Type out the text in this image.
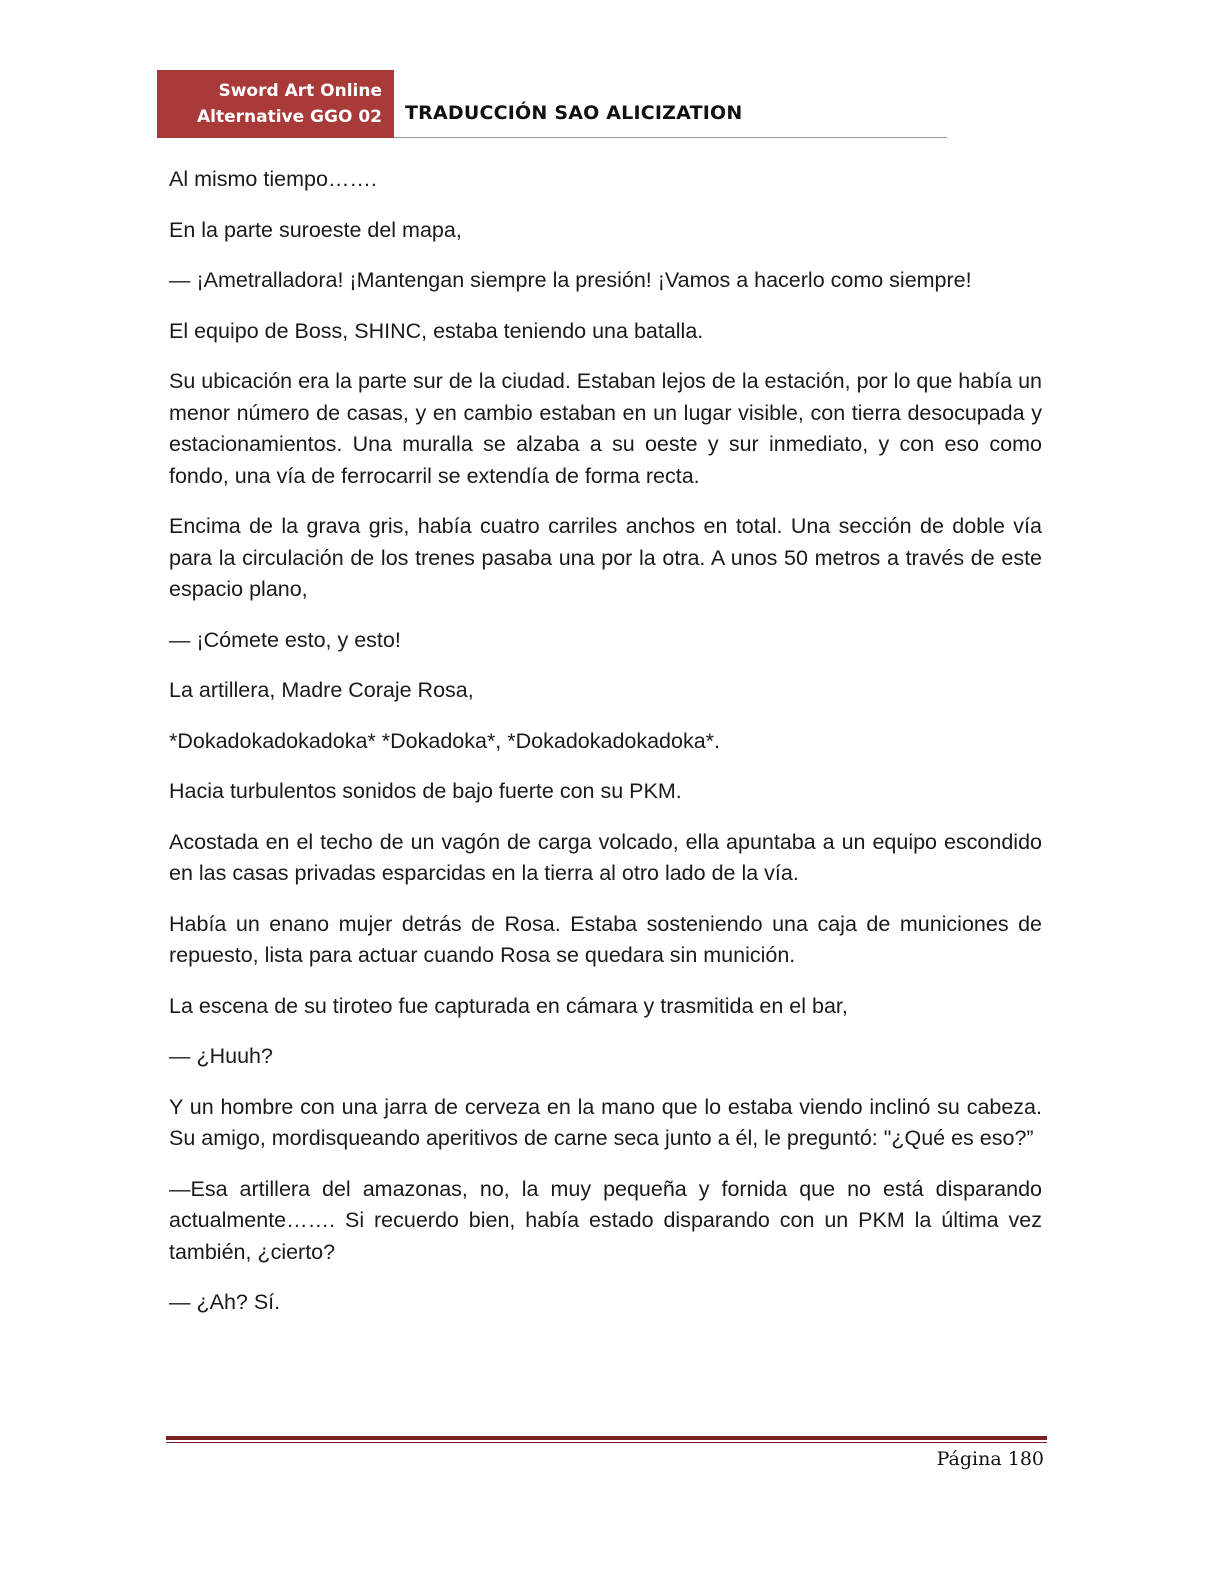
Sword Art Online
Alternative GGO 02 TRADUCCIÓN SAO ALICIZATION

Al mismo tiempo…….

En la parte suroeste del mapa,

— ¡Ametralladora! ¡Mantengan siempre la presión! ¡Vamos a hacerlo como siempre!

El equipo de Boss, SHINC, estaba teniendo una batalla.

Su ubicación era la parte sur de la ciudad. Estaban lejos de la estación, por lo que había un menor número de casas, y en cambio estaban en un lugar visible, con tierra desocupada y estacionamientos. Una muralla se alzaba a su oeste y sur inmediato, y con eso como fondo, una vía de ferrocarril se extendía de forma recta.

Encima de la grava gris, había cuatro carriles anchos en total. Una sección de doble vía para la circulación de los trenes pasaba una por la otra. A unos 50 metros a través de este espacio plano,

— ¡Cómete esto, y esto!

La artillera, Madre Coraje Rosa,

*Dokadokadokadoka* *Dokadoka*, *Dokadokadokadoka*.

Hacia turbulentos sonidos de bajo fuerte con su PKM.

Acostada en el techo de un vagón de carga volcado, ella apuntaba a un equipo escondido en las casas privadas esparcidas en la tierra al otro lado de la vía.

Había un enano mujer detrás de Rosa. Estaba sosteniendo una caja de municiones de repuesto, lista para actuar cuando Rosa se quedara sin munición.

La escena de su tiroteo fue capturada en cámara y trasmitida en el bar,

— ¿Huuh?

Y un hombre con una jarra de cerveza en la mano que lo estaba viendo inclinó su cabeza. Su amigo, mordisqueando aperitivos de carne seca junto a él, le preguntó: "¿Qué es eso?”

—Esa artillera del amazonas, no, la muy pequeña y fornida que no está disparando actualmente……. Si recuerdo bien, había estado disparando con un PKM la última vez también, ¿cierto?

— ¿Ah? Sí.

Página 180
